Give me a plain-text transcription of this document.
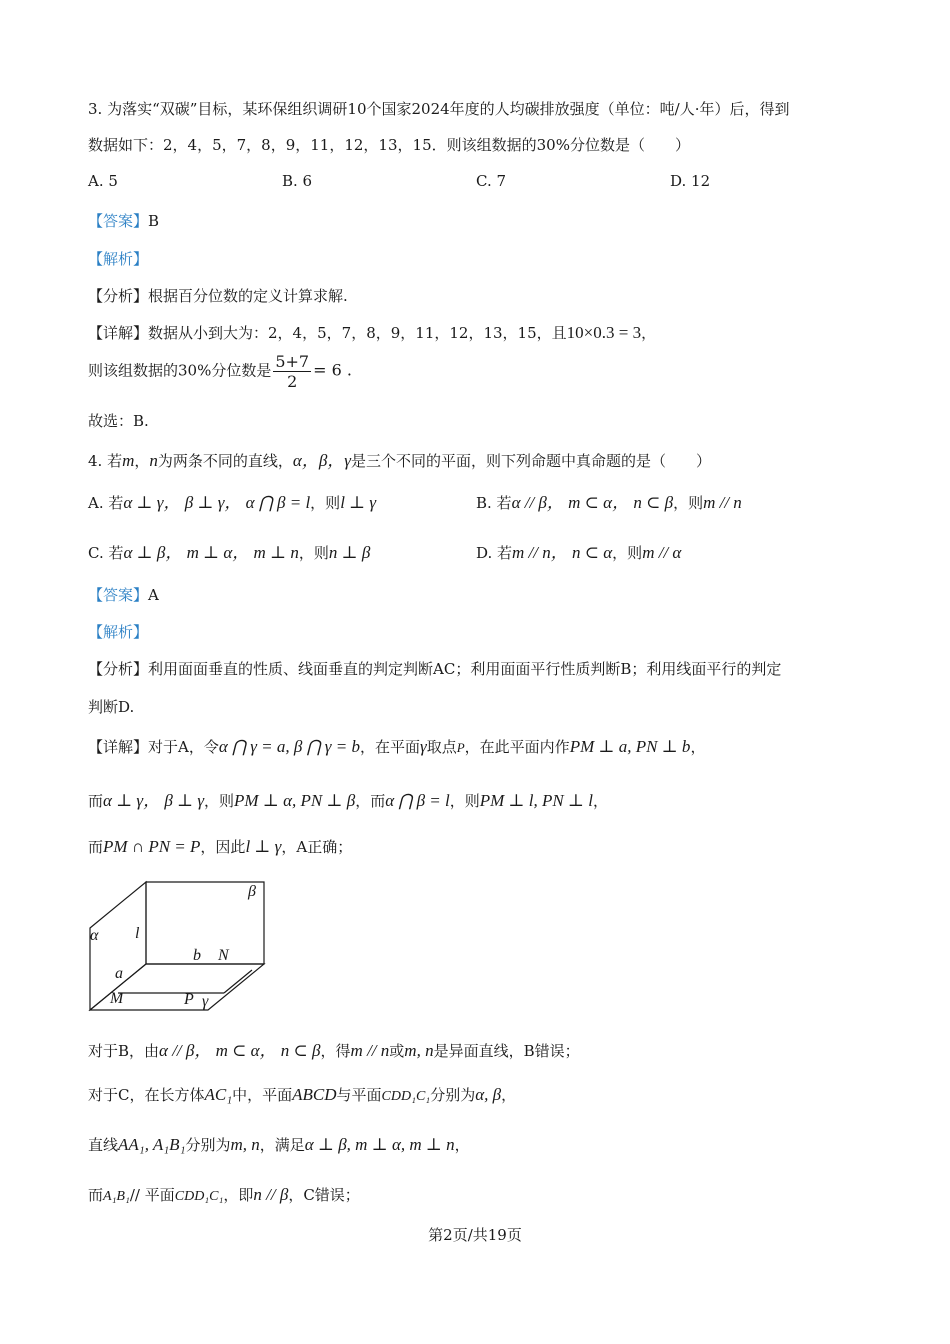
3. 为落实“双碳”目标，某环保组织调研10个国家2024年度的人均碳排放强度（单位：吨/人·年）后，得到
数据如下：2，4，5，7，8，9，11，12，13，15．则该组数据的30%分位数是（　　）
A. 5	B. 6	C. 7	D. 12
【答案】B
【解析】
【分析】根据百分位数的定义计算求解.
【详解】数据从小到大为：2，4，5，7，8，9，11，12，13，15，且10×0.3 = 3，
则该组数据的30%分位数是 $\frac{5+7}{2} = 6$ .
故选：B.
4. 若m，n为两条不同的直线，α，β，γ是三个不同的平面，则下列命题中真命题的是（　　）
A. 若α ⊥ γ， β ⊥ γ， α ⋂ β = l，则l ⊥ γ	B. 若α // β， m ⊂ α， n ⊂ β，则m // n
C. 若α ⊥ β， m ⊥ α， m ⊥ n，则n ⊥ β	D. 若m // n， n ⊂ α，则m // α
【答案】A
【解析】
【分析】利用面面垂直的性质、线面垂直的判定判断AC；利用面面平行性质判断B；利用线面平行的判定
判断D.
【详解】对于A，令α ⋂ γ = a, β ⋂ γ = b，在平面γ取点P，在此平面内作PM ⊥ a, PN ⊥ b，
而α ⊥ γ， β ⊥ γ，则PM ⊥ α, PN ⊥ β，而α ⋂ β = l，则PM ⊥ l, PN ⊥ l，
而PM ∩ PN = P，因此l ⊥ γ，A正确；
β
α l
b N
a
M	P γ
对于B，由α // β， m ⊂ α， n ⊂ β，得m // n或m, n是异面直线，B错误；
对于C，在长方体AC₁中，平面ABCD与平面CDD₁C₁分别为α, β，
直线AA₁, A₁B₁分别为m, n，满足α ⊥ β, m ⊥ α, m ⊥ n，
而A₁B₁// 平面CDD₁C₁，即n // β，C错误；
第2页/共19页
